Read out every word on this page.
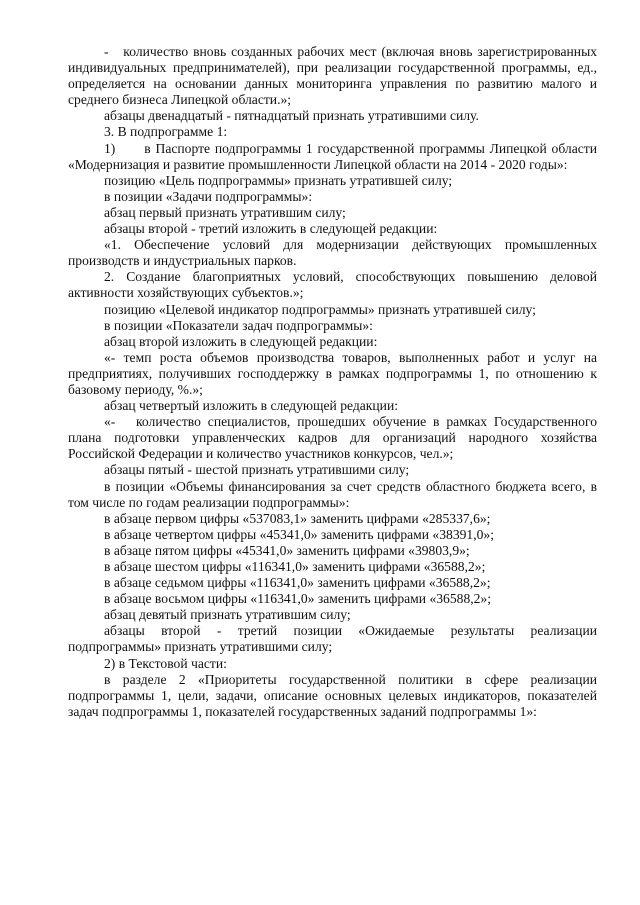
-   количество вновь созданных рабочих мест (включая вновь зарегистрированных индивидуальных предпринимателей), при реализации государственной программы, ед., определяется на основании данных мониторинга управления по развитию малого и среднего бизнеса Липецкой области.»;

абзацы двенадцатый - пятнадцатый признать утратившими силу.

3. В подпрограмме 1:

1)      в Паспорте подпрограммы 1 государственной программы Липецкой области «Модернизация и развитие промышленности Липецкой области на 2014 - 2020 годы»:

позицию «Цель подпрограммы» признать утратившей силу;

в позиции «Задачи подпрограммы»:

абзац первый признать утратившим силу;

абзацы второй - третий изложить в следующей редакции:

«1. Обеспечение условий для модернизации действующих промышленных производств и индустриальных парков.

2. Создание благоприятных условий, способствующих повышению деловой активности хозяйствующих субъектов.»;

позицию «Целевой индикатор подпрограммы» признать утратившей силу;

в позиции «Показатели задач подпрограммы»:

абзац второй изложить в следующей редакции:

«- темп роста объемов производства товаров, выполненных работ и услуг на предприятиях, получивших господдержку в рамках подпрограммы 1, по отношению к базовому периоду, %.»;

абзац четвертый изложить в следующей редакции:

«-   количество специалистов, прошедших обучение в рамках Государственного плана подготовки управленческих кадров для организаций народного хозяйства Российской Федерации и количество участников конкурсов, чел.»;

абзацы пятый - шестой признать утратившими силу;

в позиции «Объемы финансирования за счет средств областного бюджета всего, в том числе по годам реализации подпрограммы»:

в абзаце первом цифры «537083,1» заменить цифрами «285337,6»;

в абзаце четвертом цифры «45341,0» заменить цифрами «38391,0»;

в абзаце пятом цифры «45341,0» заменить цифрами «39803,9»;

в абзаце шестом цифры «116341,0» заменить цифрами «36588,2»;

в абзаце седьмом цифры «116341,0» заменить цифрами «36588,2»;

в абзаце восьмом цифры «116341,0» заменить цифрами «36588,2»;

абзац девятый признать утратившим силу;

абзацы второй - третий позиции «Ожидаемые результаты реализации подпрограммы» признать утратившими силу;

2) в Текстовой части:

в разделе 2 «Приоритеты государственной политики в сфере реализации подпрограммы 1, цели, задачи, описание основных целевых индикаторов, показателей задач подпрограммы 1, показателей государственных заданий подпрограммы 1»:
